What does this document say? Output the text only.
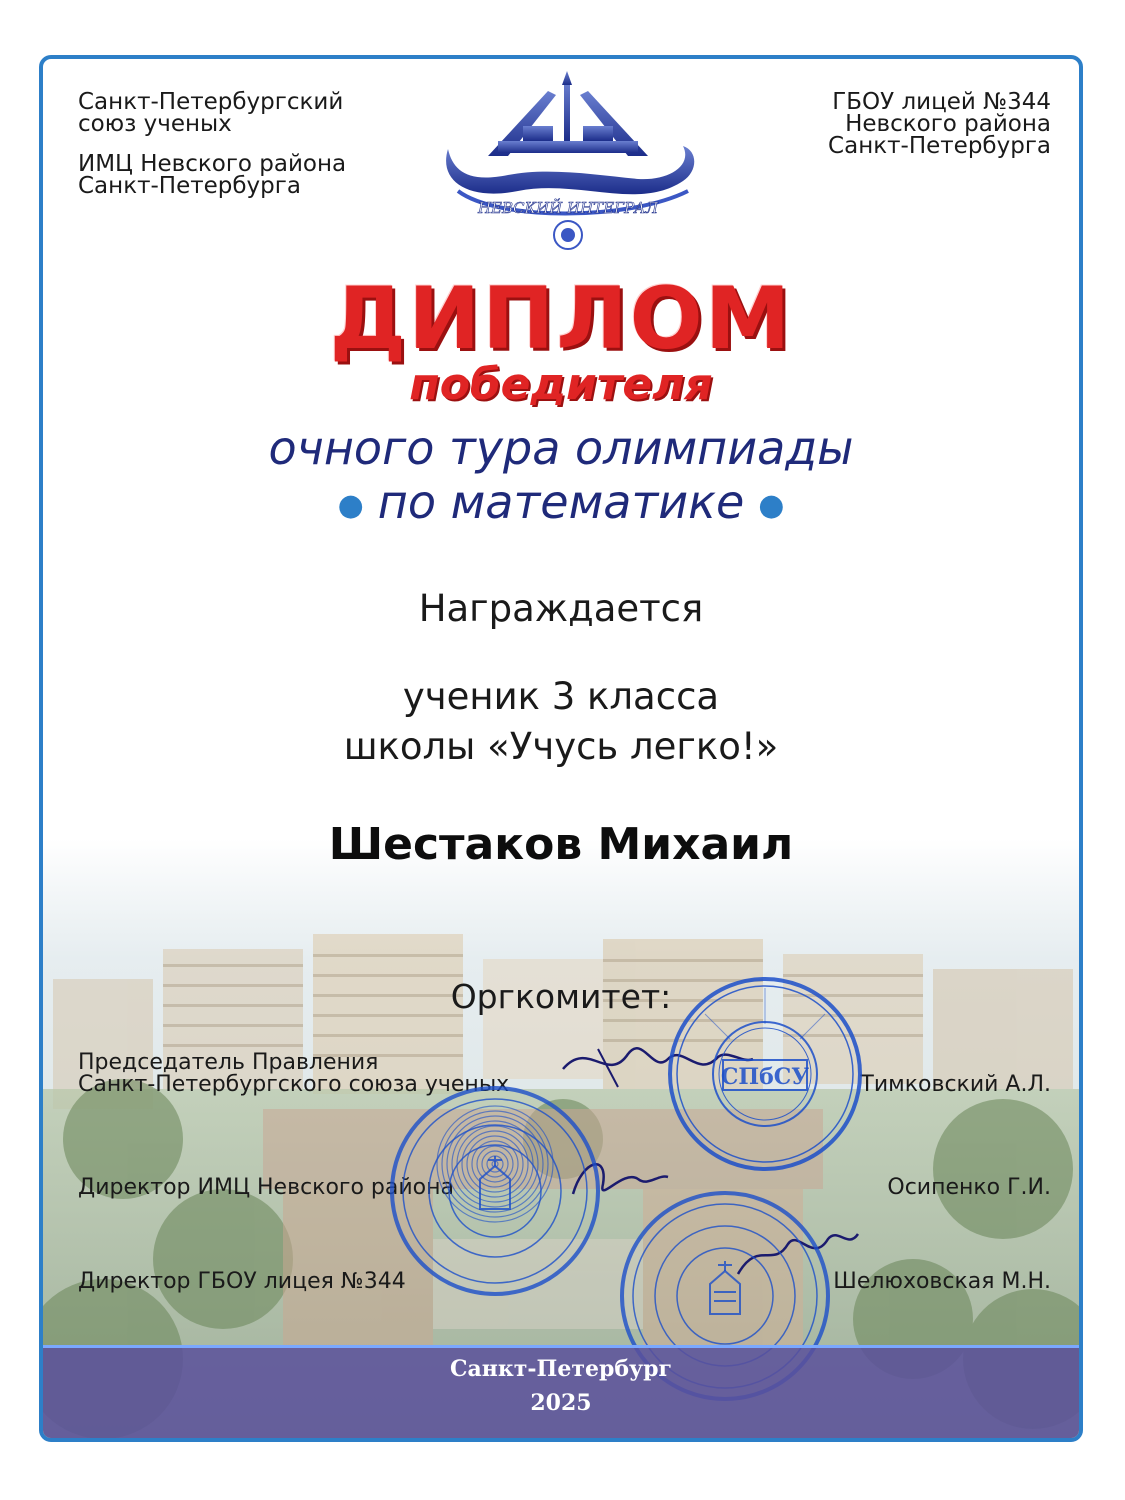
Санкт-Петербургский
союз ученых
ИМЦ Невского района
Санкт-Петербурга
ГБОУ лицей №344
Невского района
Санкт-Петербурга
НЕВСКИЙ ИНТЕГРАЛ
ДИПЛОМ
победителя
очного тура олимпиады
● по математике ●
Награждается
ученик 3 класса
школы «Учусь легко!»
Шестаков Михаил
Оргкомитет:
Председатель Правления
Санкт-Петербургского союза ученых	Тимковский А.Л.
Директор ИМЦ Невского района	Осипенко Г.И.
Директор ГБОУ лицея №344	Шелюховская М.Н.
СПбСУ
Санкт-Петербург
2025
